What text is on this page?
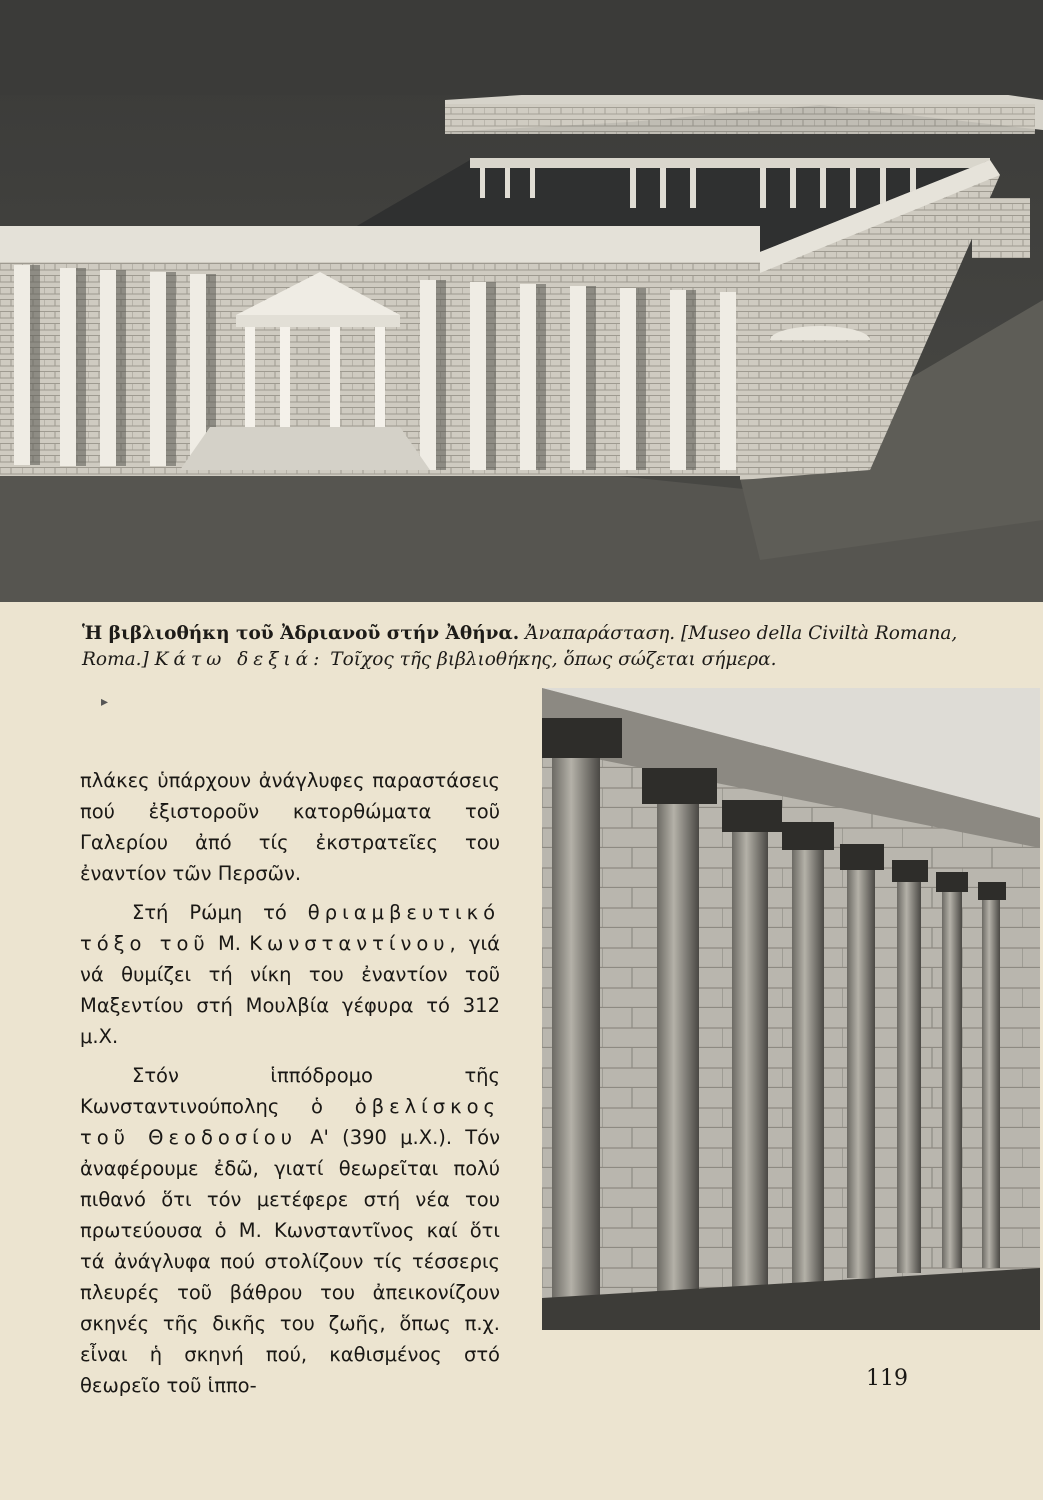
Ἡ βιβλιοθήκη τοῦ Ἀδριανοῦ στήν Ἀθήνα. Ἀναπαράσταση. [Museo della Civiltà Romana, Roma.] Κάτω δεξιά: Τοῖχος τῆς βιβλιοθήκης, ὅπως σώζεται σήμερα.
▸

πλάκες ὑπάρχουν ἀνάγλυφες παραστάσεις πού ἐξιστοροῦν κατορθώματα τοῦ Γαλερίου ἀπό τίς ἐκστρατεῖες του ἐναντίον τῶν Περσῶν.

Στή Ρώμη τό θριαμβευτικό τόξο τοῦ Μ. Κωνσταντίνου, γιά νά θυμίζει τή νίκη του ἐναντίον τοῦ Μαξεντίου στή Μουλβία γέφυρα τό 312 μ.Χ.

Στόν ἱππόδρομο τῆς Κωνσταντινούπολης ὁ ὀβελίσκος τοῦ Θεοδοσίου Α' (390 μ.Χ.). Τόν ἀναφέρουμε ἐδῶ, γιατί θεωρεῖται πολύ πιθανό ὅτι τόν μετέφερε στή νέα του πρωτεύουσα ὁ Μ. Κωνσταντῖνος καί ὅτι τά ἀνάγλυφα πού στολίζουν τίς τέσσερις πλευρές τοῦ βάθρου του ἀπεικονίζουν σκηνές τῆς δικῆς του ζωῆς, ὅπως π.χ. εἶναι ἡ σκηνή πού, καθισμένος στό θεωρεῖο τοῦ ἱππο-	119
